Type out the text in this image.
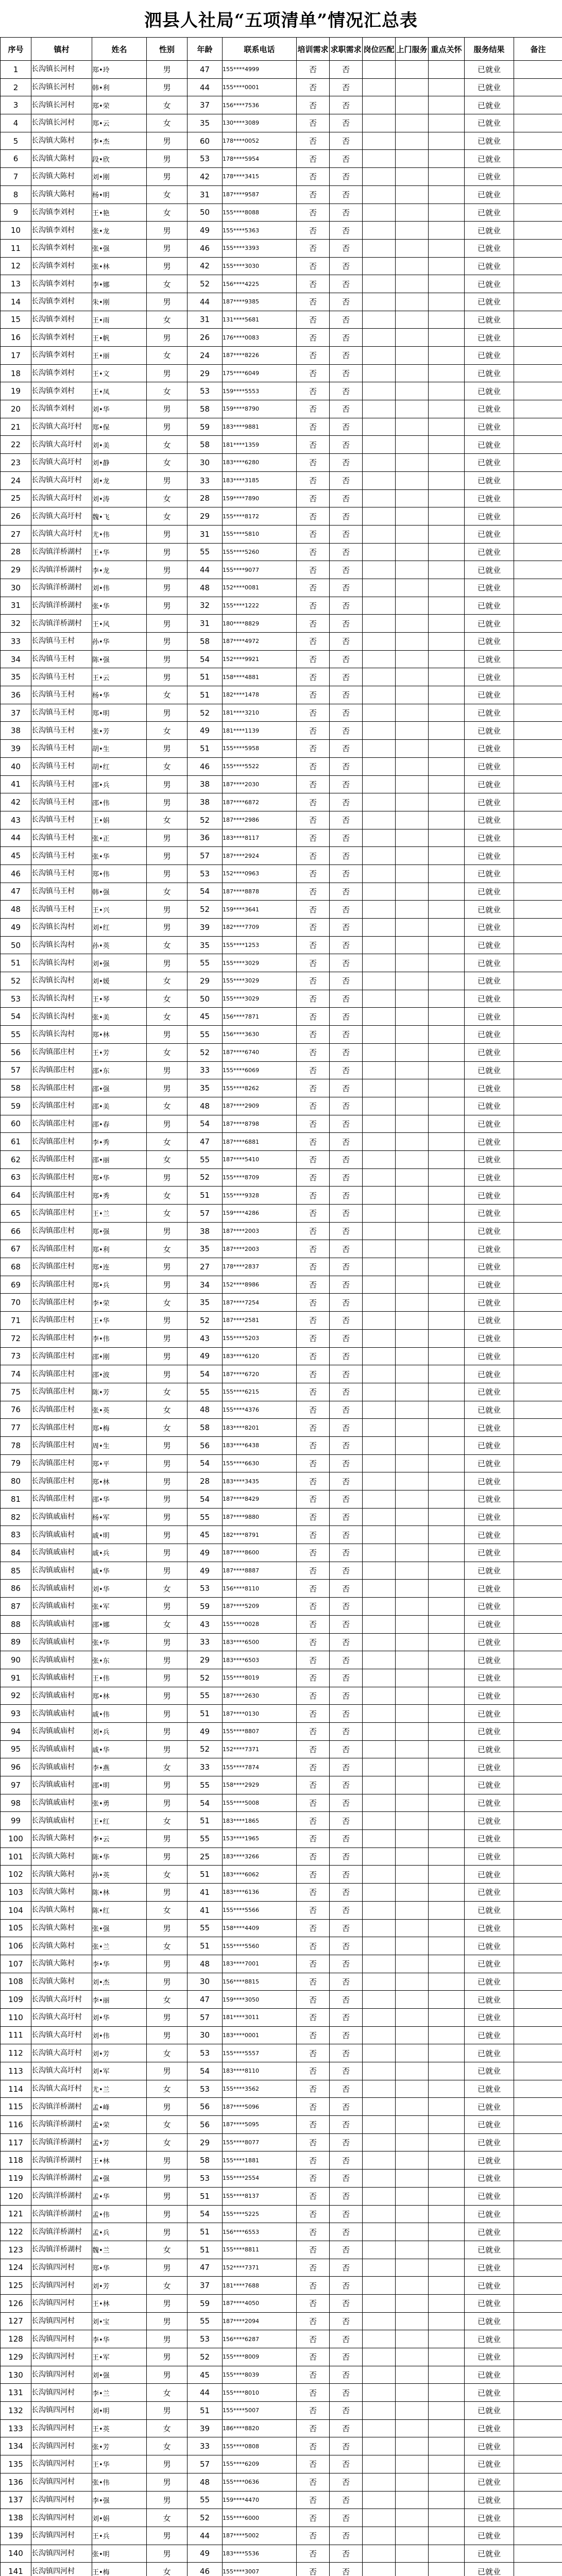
泗县人社局“五项清单”情况汇总表
序号	镇村	姓名	性别	年龄	联系电话	培训需求	求职需求	岗位匹配	上门服务	重点关怀	服务结果	备注
1	长沟镇长河村	郑•玲	男	47	155****4999	否	否				已就业	
2	长沟镇长河村	韩•利	男	44	155****0001	否	否				已就业	
3	长沟镇长河村	郑•荣	女	37	156****7536	否	否				已就业	
4	长沟镇长河村	郑•云	女	35	130****3089	否	否				已就业	
5	长沟镇大陈村	李•杰	男	60	178****0052	否	否				已就业	
6	长沟镇大陈村	段•欣	男	53	178****5954	否	否				已就业	
7	长沟镇大陈村	刘•刚	男	42	178****3415	否	否				已就业	
8	长沟镇大陈村	杨•明	女	31	187****9587	否	否				已就业	
9	长沟镇李刘村	王•艳	女	50	155****8088	否	否				已就业	
10	长沟镇李刘村	张•龙	男	49	155****5363	否	否				已就业	
11	长沟镇李刘村	张•强	男	46	155****3393	否	否				已就业	
12	长沟镇李刘村	张•林	男	42	155****3030	否	否				已就业	
13	长沟镇李刘村	李•娜	女	52	156****4225	否	否				已就业	
14	长沟镇李刘村	朱•刚	男	44	187****9385	否	否				已就业	
15	长沟镇李刘村	王•雨	女	31	131****5681	否	否				已就业	
16	长沟镇李刘村	王•帆	男	26	176****0083	否	否				已就业	
17	长沟镇李刘村	王•丽	女	24	187****8226	否	否				已就业	
18	长沟镇李刘村	王•文	男	29	175****6049	否	否				已就业	
19	长沟镇李刘村	王•凤	女	53	159****5553	否	否				已就业	
20	长沟镇李刘村	刘•华	男	58	159****8790	否	否				已就业	
21	长沟镇大高圩村	郑•保	男	59	183****9881	否	否				已就业	
22	长沟镇大高圩村	刘•美	女	58	181****1359	否	否				已就业	
23	长沟镇大高圩村	刘•静	女	30	183****6280	否	否				已就业	
24	长沟镇大高圩村	刘•龙	男	33	183****3185	否	否				已就业	
25	长沟镇大高圩村	刘•涛	女	28	159****7890	否	否				已就业	
26	长沟镇大高圩村	魏•飞	女	29	155****8172	否	否				已就业	
27	长沟镇大高圩村	尤•伟	男	31	155****5810	否	否				已就业	
28	长沟镇洋桥湖村	王•华	男	55	155****5260	否	否				已就业	
29	长沟镇洋桥湖村	李•龙	男	44	155****9077	否	否				已就业	
30	长沟镇洋桥湖村	刘•伟	男	48	152****0081	否	否				已就业	
31	长沟镇洋桥湖村	张•华	男	32	155****1222	否	否				已就业	
32	长沟镇洋桥湖村	王•风	男	31	180****8829	否	否				已就业	
33	长沟镇马王村	孙•华	男	58	187****4972	否	否				已就业	
34	长沟镇马王村	陈•强	男	54	152****9921	否	否				已就业	
35	长沟镇马王村	王•云	男	51	158****4881	否	否				已就业	
36	长沟镇马王村	杨•华	女	51	182****1478	否	否				已就业	
37	长沟镇马王村	郑•明	男	52	181****3210	否	否				已就业	
38	长沟镇马王村	张•芳	女	49	181****1139	否	否				已就业	
39	长沟镇马王村	胡•生	男	51	155****5958	否	否				已就业	
40	长沟镇马王村	胡•红	女	46	155****5522	否	否				已就业	
41	长沟镇马王村	邵•兵	男	38	187****2030	否	否				已就业	
42	长沟镇马王村	邵•伟	男	38	187****6872	否	否				已就业	
43	长沟镇马王村	王•娟	女	52	187****2986	否	否				已就业	
44	长沟镇马王村	张•正	男	36	183****8117	否	否				已就业	
45	长沟镇马王村	张•华	男	57	187****2924	否	否				已就业	
46	长沟镇马王村	郑•伟	男	53	152****0963	否	否				已就业	
47	长沟镇马王村	韩•强	女	54	187****8878	否	否				已就业	
48	长沟镇马王村	王•兴	男	52	159****3641	否	否				已就业	
49	长沟镇长沟村	刘•红	男	39	182****7709	否	否				已就业	
50	长沟镇长沟村	孙•英	女	35	155****1253	否	否				已就业	
51	长沟镇长沟村	刘•强	男	55	155****3029	否	否				已就业	
52	长沟镇长沟村	刘•媛	女	29	155****3029	否	否				已就业	
53	长沟镇长沟村	王•琴	女	50	155****3029	否	否				已就业	
54	长沟镇长沟村	张•美	女	45	156****7871	否	否				已就业	
55	长沟镇长沟村	郑•林	男	55	156****3630	否	否				已就业	
56	长沟镇邵庄村	王•芳	女	52	187****6740	否	否				已就业	
57	长沟镇邵庄村	邵•东	男	33	155****6069	否	否				已就业	
58	长沟镇邵庄村	邵•强	男	35	155****8262	否	否				已就业	
59	长沟镇邵庄村	邵•美	女	48	187****2909	否	否				已就业	
60	长沟镇邵庄村	邵•春	男	54	187****8798	否	否				已就业	
61	长沟镇邵庄村	李•秀	女	47	187****6881	否	否				已就业	
62	长沟镇邵庄村	邵•丽	女	55	187****5410	否	否				已就业	
63	长沟镇邵庄村	郑•华	男	52	155****8709	否	否				已就业	
64	长沟镇邵庄村	郑•秀	女	51	155****9328	否	否				已就业	
65	长沟镇邵庄村	王•兰	女	57	159****4286	否	否				已就业	
66	长沟镇邵庄村	郑•强	男	38	187****2003	否	否				已就业	
67	长沟镇邵庄村	郑•利	女	35	187****2003	否	否				已就业	
68	长沟镇邵庄村	郑•连	男	27	178****2837	否	否				已就业	
69	长沟镇邵庄村	郑•兵	男	34	152****8986	否	否				已就业	
70	长沟镇邵庄村	李•荣	女	35	187****7254	否	否				已就业	
71	长沟镇邵庄村	王•华	男	52	187****2581	否	否				已就业	
72	长沟镇邵庄村	李•伟	男	43	155****5203	否	否				已就业	
73	长沟镇邵庄村	邵•刚	男	49	183****6120	否	否				已就业	
74	长沟镇邵庄村	邵•波	男	54	187****6720	否	否				已就业	
75	长沟镇邵庄村	陈•芳	女	55	155****6215	否	否				已就业	
76	长沟镇邵庄村	张•英	女	48	155****4376	否	否				已就业	
77	长沟镇邵庄村	郑•梅	女	58	183****8201	否	否				已就业	
78	长沟镇邵庄村	周•生	男	56	183****6438	否	否				已就业	
79	长沟镇邵庄村	郑•平	男	54	155****6630	否	否				已就业	
80	长沟镇邵庄村	郑•林	男	28	183****3435	否	否				已就业	
81	长沟镇邵庄村	邵•华	男	54	187****8429	否	否				已就业	
82	长沟镇戚庙村	杨•军	男	55	187****9880	否	否				已就业	
83	长沟镇戚庙村	戚•明	男	45	182****8791	否	否				已就业	
84	长沟镇戚庙村	戚•兵	男	49	187****8600	否	否				已就业	
85	长沟镇戚庙村	戚•华	男	49	187****8887	否	否				已就业	
86	长沟镇戚庙村	刘•华	女	53	156****8110	否	否				已就业	
87	长沟镇戚庙村	张•军	男	59	187****5209	否	否				已就业	
88	长沟镇戚庙村	邵•娜	女	43	155****0028	否	否				已就业	
89	长沟镇戚庙村	张•华	男	33	183****6500	否	否				已就业	
90	长沟镇戚庙村	张•东	男	29	183****6503	否	否				已就业	
91	长沟镇戚庙村	王•伟	男	52	155****8019	否	否				已就业	
92	长沟镇戚庙村	郑•林	男	55	187****2630	否	否				已就业	
93	长沟镇戚庙村	戚•伟	男	51	187****0130	否	否				已就业	
94	长沟镇戚庙村	刘•兵	男	49	155****8807	否	否				已就业	
95	长沟镇戚庙村	戚•华	男	52	152****7371	否	否				已就业	
96	长沟镇戚庙村	李•燕	女	33	155****7874	否	否				已就业	
97	长沟镇戚庙村	邵•明	男	55	158****2929	否	否				已就业	
98	长沟镇戚庙村	张•勇	男	54	155****5008	否	否				已就业	
99	长沟镇戚庙村	王•红	女	51	183****1865	否	否				已就业	
100	长沟镇大陈村	李•云	男	55	153****1965	否	否				已就业	
101	长沟镇大陈村	陈•华	男	25	183****3266	否	否				已就业	
102	长沟镇大陈村	孙•英	女	51	183****6062	否	否				已就业	
103	长沟镇大陈村	陈•林	男	41	183****6136	否	否				已就业	
104	长沟镇大陈村	陈•红	女	41	155****5566	否	否				已就业	
105	长沟镇大陈村	张•强	男	55	158****4409	否	否				已就业	
106	长沟镇大陈村	张•兰	女	51	155****5560	否	否				已就业	
107	长沟镇大陈村	李•华	男	48	183****7001	否	否				已就业	
108	长沟镇大陈村	刘•杰	男	30	156****8815	否	否				已就业	
109	长沟镇大高圩村	李•丽	女	47	159****3050	否	否				已就业	
110	长沟镇大高圩村	刘•华	男	57	181****3011	否	否				已就业	
111	长沟镇大高圩村	刘•伟	男	30	183****0001	否	否				已就业	
112	长沟镇大高圩村	刘•芳	女	53	155****5557	否	否				已就业	
113	长沟镇大高圩村	刘•军	男	54	183****8110	否	否				已就业	
114	长沟镇大高圩村	尤•兰	女	53	155****3562	否	否				已就业	
115	长沟镇洋桥湖村	孟•峰	男	56	187****5096	否	否				已就业	
116	长沟镇洋桥湖村	孟•荣	女	56	187****5095	否	否				已就业	
117	长沟镇洋桥湖村	孟•芳	女	29	155****8077	否	否				已就业	
118	长沟镇洋桥湖村	王•林	男	58	155****1881	否	否				已就业	
119	长沟镇洋桥湖村	孟•强	男	53	155****2554	否	否				已就业	
120	长沟镇洋桥湖村	孟•华	男	51	155****8137	否	否				已就业	
121	长沟镇洋桥湖村	孟•伟	男	54	155****5225	否	否				已就业	
122	长沟镇洋桥湖村	孟•兵	男	51	156****6553	否	否				已就业	
123	长沟镇洋桥湖村	魏•兰	女	51	155****8811	否	否				已就业	
124	长沟镇四河村	郑•华	男	47	152****7371	否	否				已就业	
125	长沟镇四河村	刘•芳	女	37	181****7688	否	否				已就业	
126	长沟镇四河村	王•林	男	59	187****4050	否	否				已就业	
127	长沟镇四河村	刘•宝	男	55	187****2094	否	否				已就业	
128	长沟镇四河村	李•华	男	53	156****6287	否	否				已就业	
129	长沟镇四河村	王•军	男	52	155****8009	否	否				已就业	
130	长沟镇四河村	刘•强	男	45	155****8039	否	否				已就业	
131	长沟镇四河村	李•兰	女	44	155****8010	否	否				已就业	
132	长沟镇四河村	刘•明	男	51	155****5007	否	否				已就业	
133	长沟镇四河村	王•英	女	39	186****8820	否	否				已就业	
134	长沟镇四河村	张•芳	女	33	155****0808	否	否				已就业	
135	长沟镇四河村	王•华	男	57	155****6209	否	否				已就业	
136	长沟镇四河村	张•伟	男	48	155****0636	否	否				已就业	
137	长沟镇四河村	李•强	男	55	159****4470	否	否				已就业	
138	长沟镇四河村	刘•娟	女	52	155****6000	否	否				已就业	
139	长沟镇四河村	王•兵	男	44	187****5002	否	否				已就业	
140	长沟镇四河村	张•明	男	49	183****5536	否	否				已就业	
141	长沟镇四河村	王•梅	女	46	155****3007	否	否				已就业	
